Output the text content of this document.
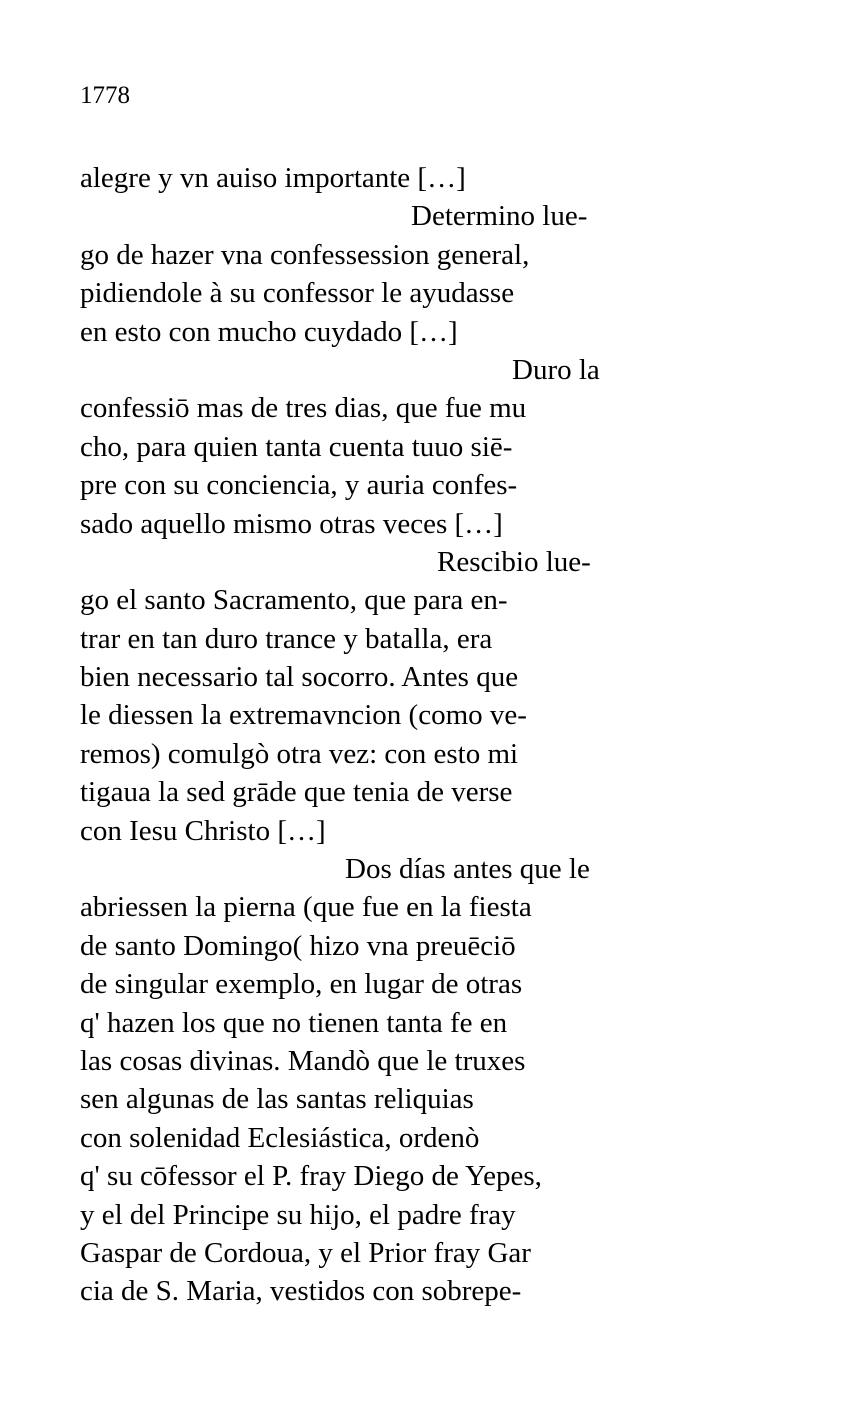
1778
alegre y vn auiso importante […]
Determino lue-
go de hazer vna confessession general,
pidiendole à su confessor le ayudasse
en esto con mucho cuydado […]
Duro la
confessiō mas de tres dias, que fue mu
cho, para quien tanta cuenta tuuo siē-
pre con su conciencia, y auria confes-
sado aquello mismo otras veces […]
Rescibio lue-
go el santo Sacramento, que para en-
trar en tan duro trance y batalla, era
bien necessario tal socorro. Antes que
le diessen la extremavncion (como ve-
remos) comulgò otra vez: con esto mi
tigaua la sed grāde que tenia de verse
con Iesu Christo […]
Dos días antes que le
abriessen la pierna (que fue en la fiesta
de santo Domingo( hizo vna preuēciō
de singular exemplo, en lugar de otras
q' hazen los que no tienen tanta fe en
las cosas divinas. Mandò que le truxes
sen algunas de las santas reliquias
con solenidad Eclesiástica, ordenò
q' su cōfessor el P. fray Diego de Yepes,
y el del Principe su hijo, el padre fray
Gaspar de Cordoua, y el Prior fray Gar
cia de S. Maria, vestidos con sobrepe-
